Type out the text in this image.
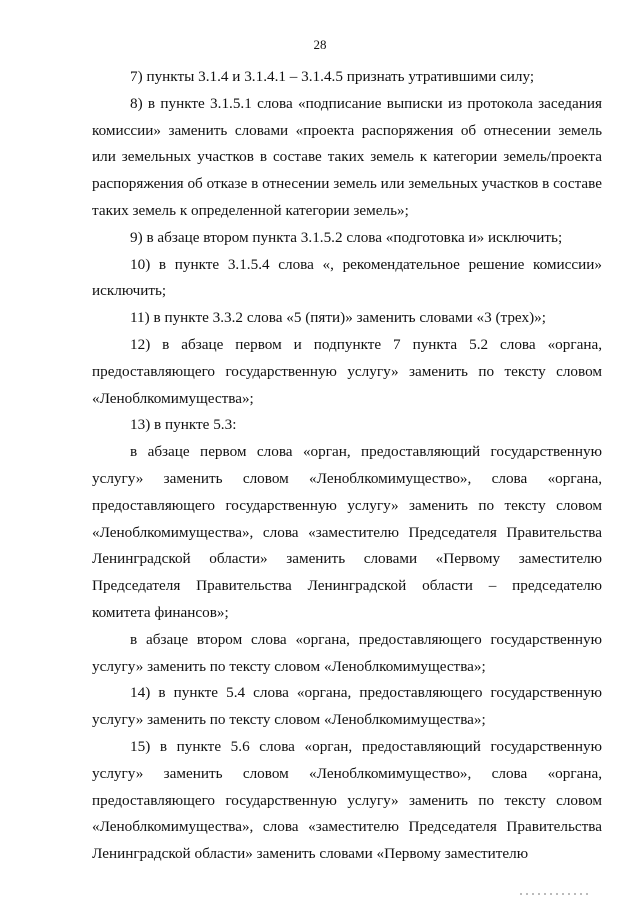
28

7) пункты 3.1.4 и 3.1.4.1 – 3.1.4.5 признать утратившими силу;

8) в пункте 3.1.5.1 слова «подписание выписки из протокола заседания комиссии» заменить словами «проекта распоряжения об отнесении земель или земельных участков в составе таких земель к категории земель/проекта распоряжения об отказе в отнесении земель или земельных участков в составе таких земель к определенной категории земель»;

9) в абзаце втором пункта 3.1.5.2 слова «подготовка и» исключить;

10) в пункте 3.1.5.4 слова «, рекомендательное решение комиссии» исключить;

11) в пункте 3.3.2 слова «5 (пяти)» заменить словами «3 (трех)»;

12) в абзаце первом и подпункте 7 пункта 5.2 слова «органа, предоставляющего государственную услугу» заменить по тексту словом «Леноблкомимущества»;

13) в пункте 5.3:

в абзаце первом слова «орган, предоставляющий государственную услугу» заменить словом «Леноблкомимущество», слова «органа, предоставляющего государственную услугу» заменить по тексту словом «Леноблкомимущества», слова «заместителю Председателя Правительства Ленинградской области» заменить словами «Первому заместителю Председателя Правительства Ленинградской области – председателю комитета финансов»;

в абзаце втором слова «органа, предоставляющего государственную услугу» заменить по тексту словом «Леноблкомимущества»;

14) в пункте 5.4 слова «органа, предоставляющего государственную услугу» заменить по тексту словом «Леноблкомимущества»;

15) в пункте 5.6 слова «орган, предоставляющий государственную услугу» заменить словом «Леноблкомимущество», слова «органа, предоставляющего государственную услугу» заменить по тексту словом «Леноблкомимущества», слова «заместителю Председателя Правительства Ленинградской области» заменить словами «Первому заместителю
